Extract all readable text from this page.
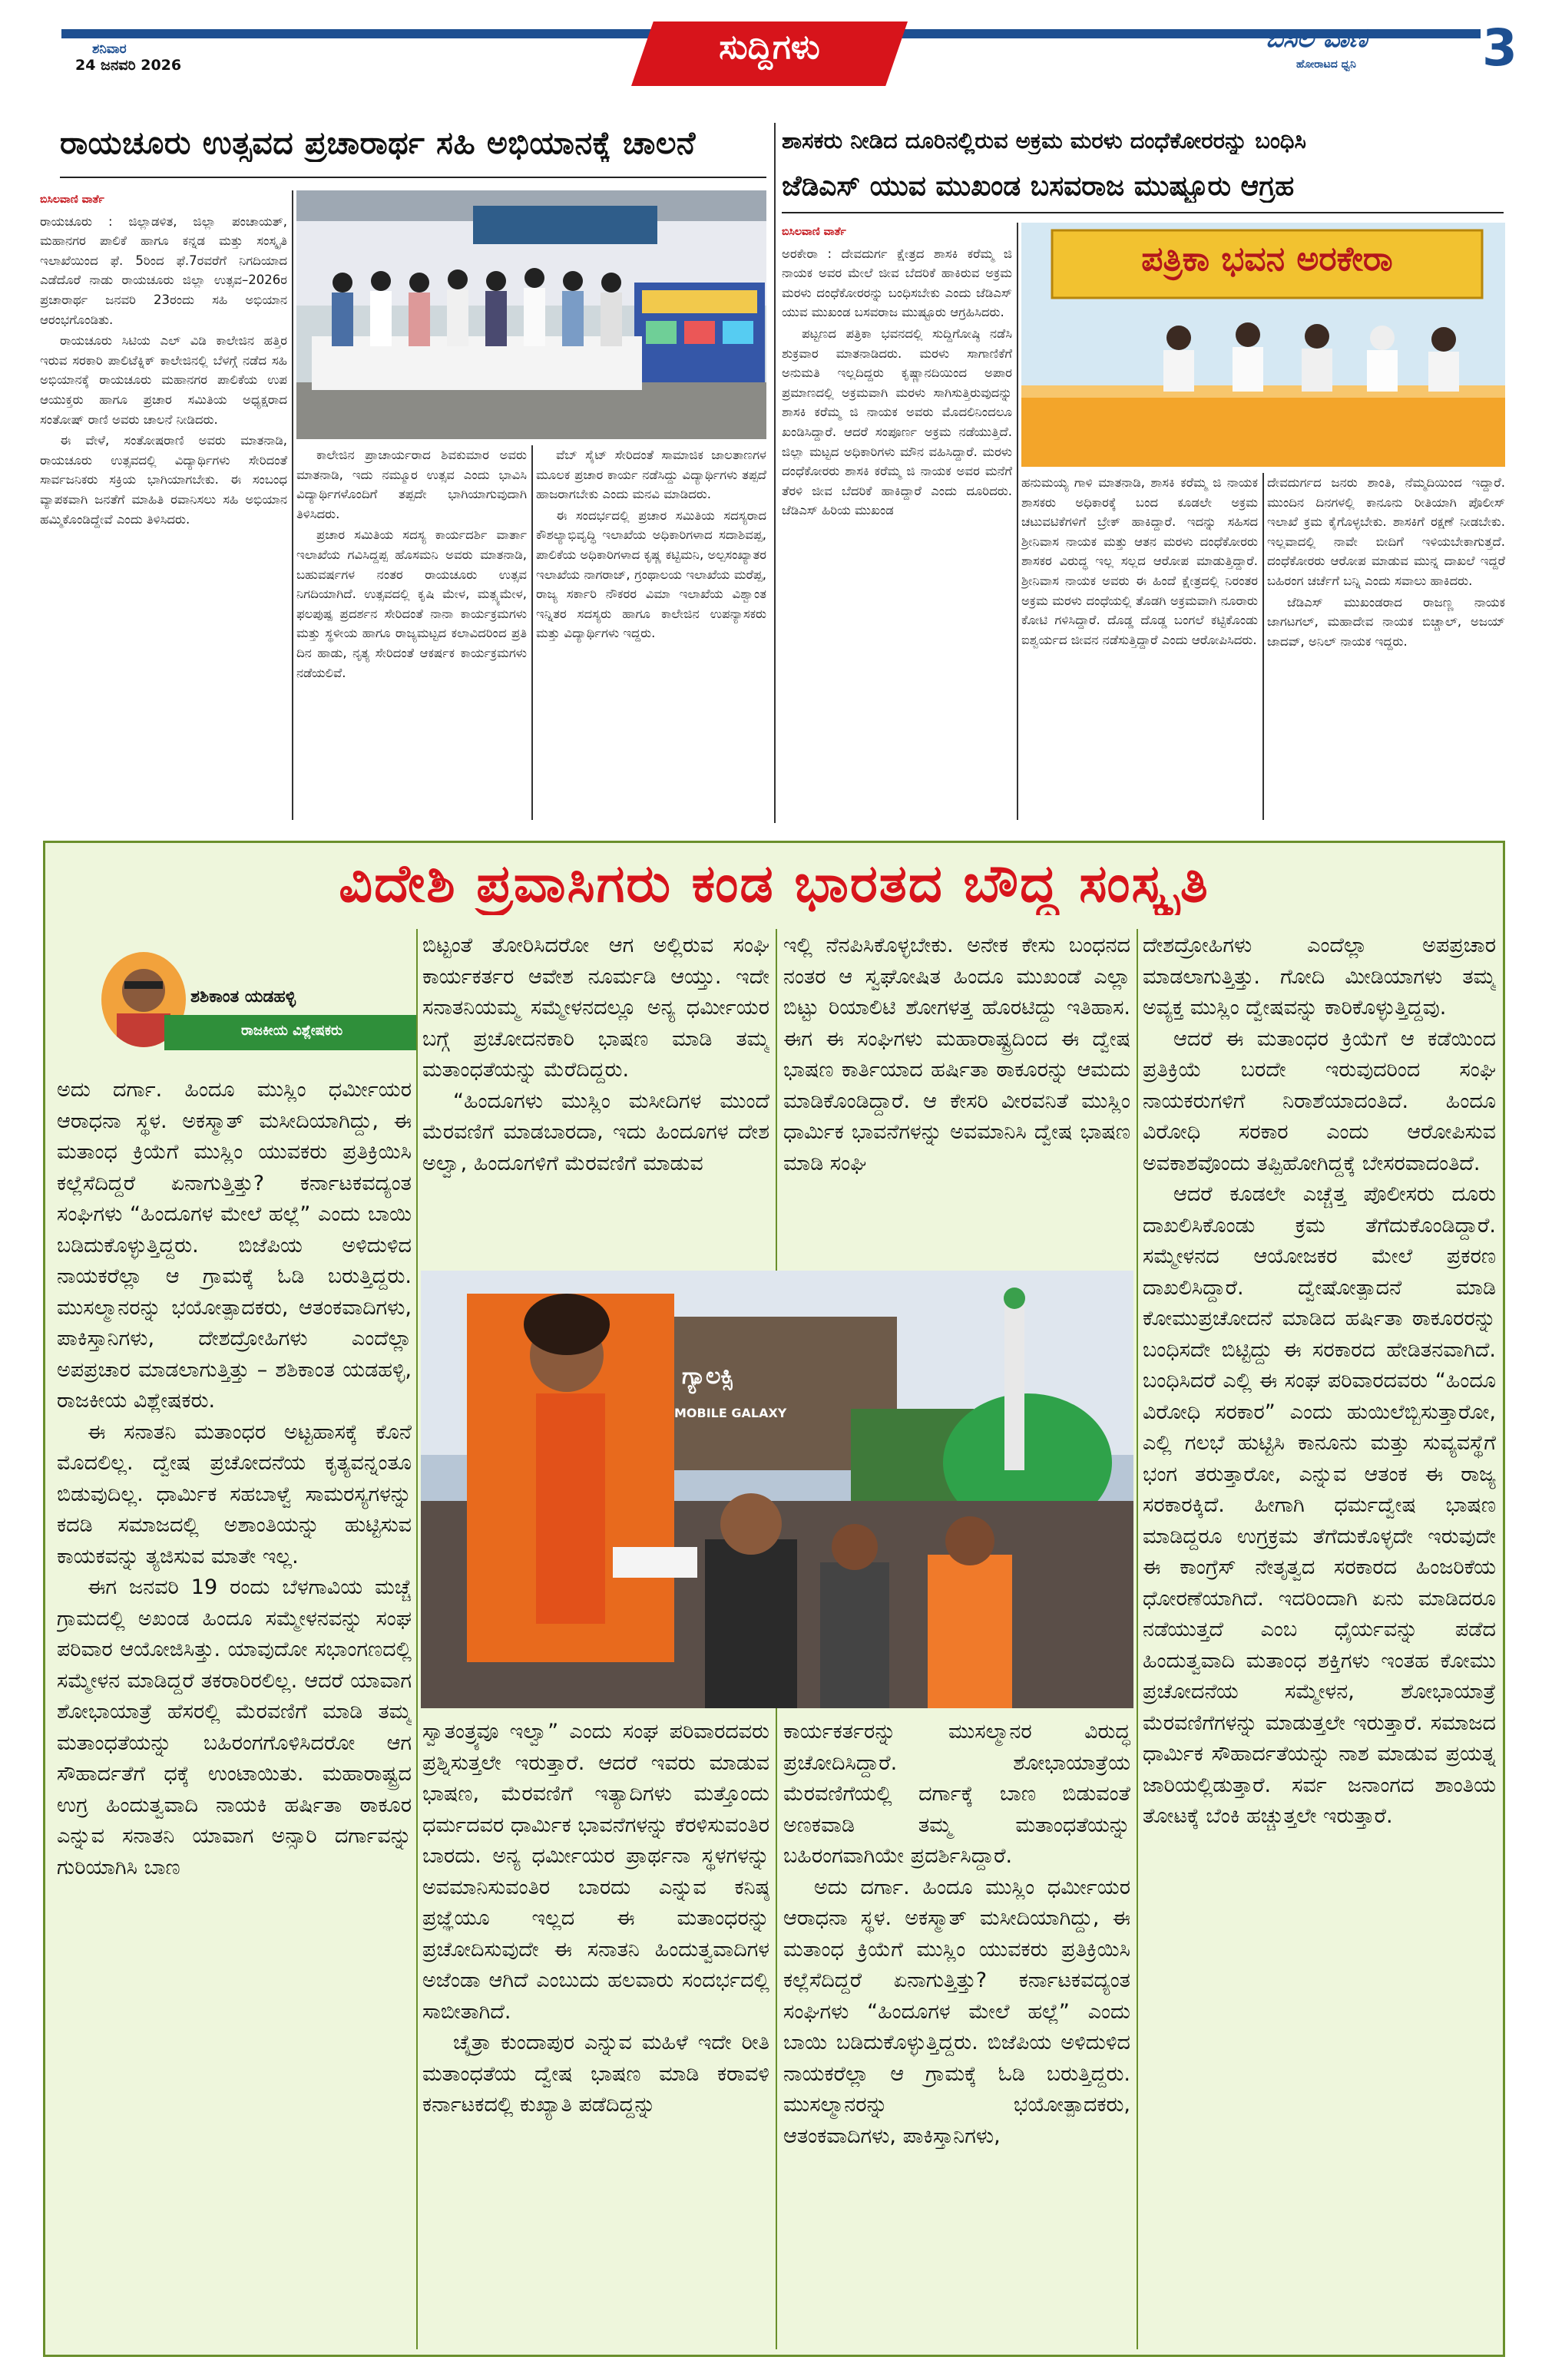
ಶನಿವಾರ
24 ಜನವರಿ 2026	ಸುದ್ದಿಗಳು	ಬಿಸಿಲ ವಾಣಿ
ಹೋರಾಟದ ಧ್ವನಿ 3
ರಾಯಚೂರು ಉತ್ಸವದ ಪ್ರಚಾರಾರ್ಥ ಸಹಿ ಅಭಿಯಾನಕ್ಕೆ ಚಾಲನೆ
ಬಿಸಿಲವಾಣಿ ವಾರ್ತೆ

ರಾಯಚೂರು : ಜಿಲ್ಲಾಡಳಿತ, ಜಿಲ್ಲಾ ಪಂಚಾಯತ್, ಮಹಾನಗರ ಪಾಲಿಕೆ ಹಾಗೂ ಕನ್ನಡ ಮತ್ತು ಸಂಸ್ಕೃತಿ ಇಲಾಖೆಯಿಂದ ಫೆ. 5ರಿಂದ ಫೆ.7ರವರೆಗೆ ನಿಗದಿಯಾದ ಎಡೆದೊರೆ ನಾಡು ರಾಯಚೂರು ಜಿಲ್ಲಾ ಉತ್ಸವ–2026ರ ಪ್ರಚಾರಾರ್ಥ ಜನವರಿ 23ರಂದು ಸಹಿ ಅಭಿಯಾನ ಆರಂಭಗೊಂಡಿತು.

ರಾಯಚೂರು ಸಿಟಿಯ ಎಲ್ ವಿಡಿ ಕಾಲೇಜಿನ ಹತ್ತಿರ ಇರುವ ಸರಕಾರಿ ಪಾಲಿಟೆಕ್ನಿಕ್ ಕಾಲೇಜಿನಲ್ಲಿ ಬೆಳಗ್ಗೆ ನಡೆದ ಸಹಿ ಅಭಿಯಾನಕ್ಕೆ ರಾಯಚೂರು ಮಹಾನಗರ ಪಾಲಿಕೆಯ ಉಪ ಆಯುಕ್ತರು ಹಾಗೂ ಪ್ರಚಾರ ಸಮಿತಿಯ ಅಧ್ಯಕ್ಷರಾದ ಸಂತೋಷ್ ರಾಣಿ ಅವರು ಚಾಲನೆ ನೀಡಿದರು.

ಈ ವೇಳೆ, ಸಂತೋಷರಾಣಿ ಅವರು ಮಾತನಾಡಿ, ರಾಯಚೂರು ಉತ್ಸವದಲ್ಲಿ ವಿದ್ಯಾರ್ಥಿಗಳು ಸೇರಿದಂತೆ ಸಾರ್ವಜನಿಕರು ಸಕ್ರಿಯ ಭಾಗಿಯಾಗಬೇಕು. ಈ ಸಂಬಂಧ ವ್ಯಾಪಕವಾಗಿ ಜನತೆಗೆ ಮಾಹಿತಿ ರವಾನಿಸಲು ಸಹಿ ಅಭಿಯಾನ ಹಮ್ಮಿಕೊಂಡಿದ್ದೇವೆ ಎಂದು ತಿಳಿಸಿದರು.

ಕಾಲೇಜಿನ ಪ್ರಾಚಾರ್ಯರಾದ ಶಿವಕುಮಾರ ಅವರು ಮಾತನಾಡಿ, ಇದು ನಮ್ಮೂರ ಉತ್ಸವ ಎಂದು ಭಾವಿಸಿ ವಿದ್ಯಾರ್ಥಿಗಳೊಂದಿಗೆ ತಪ್ಪದೇ ಭಾಗಿಯಾಗುವುದಾಗಿ ತಿಳಿಸಿದರು.

ಪ್ರಚಾರ ಸಮಿತಿಯ ಸದಸ್ಯ ಕಾರ್ಯದರ್ಶಿ ವಾರ್ತಾ ಇಲಾಖೆಯ ಗವಿಸಿದ್ದಪ್ಪ ಹೊಸಮನಿ ಅವರು ಮಾತನಾಡಿ, ಬಹುವರ್ಷಗಳ ನಂತರ ರಾಯಚೂರು ಉತ್ಸವ ನಿಗದಿಯಾಗಿದೆ. ಉತ್ಸವದಲ್ಲಿ ಕೃಷಿ ಮೇಳ, ಮತ್ಸ್ಯಮೇಳ, ಫಲಪುಷ್ಪ ಪ್ರದರ್ಶನ ಸೇರಿದಂತೆ ನಾನಾ ಕಾರ್ಯಕ್ರಮಗಳು ಮತ್ತು ಸ್ಥಳೀಯ ಹಾಗೂ ರಾಜ್ಯಮಟ್ಟದ ಕಲಾವಿದರಿಂದ ಪ್ರತಿ ದಿನ ಹಾಡು, ನೃತ್ಯ ಸೇರಿದಂತೆ ಆಕರ್ಷಕ ಕಾರ್ಯಕ್ರಮಗಳು ನಡೆಯಲಿವೆ.

ವೆಬ್ ಸೈಟ್ ಸೇರಿದಂತೆ ಸಾಮಾಜಿಕ ಜಾಲತಾಣಗಳ ಮೂಲಕ ಪ್ರಚಾರ ಕಾರ್ಯ ನಡೆಸಿದ್ದು ವಿದ್ಯಾರ್ಥಿಗಳು ತಪ್ಪದೆ ಹಾಜರಾಗಬೇಕು ಎಂದು ಮನವಿ ಮಾಡಿದರು.

ಈ ಸಂದರ್ಭದಲ್ಲಿ ಪ್ರಚಾರ ಸಮಿತಿಯ ಸದಸ್ಯರಾದ ಕೌಶಲ್ಯಾಭಿವೃದ್ಧಿ ಇಲಾಖೆಯ ಅಧಿಕಾರಿಗಳಾದ ಸದಾಶಿವಪ್ಪ, ಪಾಲಿಕೆಯ ಅಧಿಕಾರಿಗಳಾದ ಕೃಷ್ಣ ಕಟ್ಟಿಮನಿ, ಅಲ್ಪಸಂಖ್ಯಾತರ ಇಲಾಖೆಯ ನಾಗರಾಜ್, ಗ್ರಂಥಾಲಯ ಇಲಾಖೆಯ ಮರೆಪ್ಪ, ರಾಜ್ಯ ಸರ್ಕಾರಿ ನೌಕರರ ವಿಮಾ ಇಲಾಖೆಯ ವಿಶ್ವಾಂತ ಇನ್ನಿತರ ಸದಸ್ಯರು ಹಾಗೂ ಕಾಲೇಜಿನ ಉಪನ್ಯಾಸಕರು ಮತ್ತು ವಿದ್ಯಾರ್ಥಿಗಳು ಇದ್ದರು.

ಶಾಸಕರು ನೀಡಿದ ದೂರಿನಲ್ಲಿರುವ ಅಕ್ರಮ ಮರಳು ದಂಧೆಕೋರರನ್ನು ಬಂಧಿಸಿ
ಜೆಡಿಎಸ್ ಯುವ ಮುಖಂಡ ಬಸವರಾಜ ಮುಷ್ಟೂರು ಆಗ್ರಹ
ಬಿಸಿಲವಾಣಿ ವಾರ್ತೆ

ಅರಕೇರಾ : ದೇವದುರ್ಗ ಕ್ಷೇತ್ರದ ಶಾಸಕಿ ಕರೆಮ್ಮ ಜಿ ನಾಯಕ ಅವರ ಮೇಲೆ ಜೀವ ಬೆದರಿಕೆ ಹಾಕಿರುವ ಅಕ್ರಮ ಮರಳು ದಂಧೆಕೋರರನ್ನು ಬಂಧಿಸಬೇಕು ಎಂದು ಜೆಡಿಎಸ್ ಯುವ ಮುಖಂಡ ಬಸವರಾಜ ಮುಷ್ಟೂರು ಆಗ್ರಹಿಸಿದರು.

ಪಟ್ಟಣದ ಪತ್ರಿಕಾ ಭವನದಲ್ಲಿ ಸುದ್ದಿಗೋಷ್ಠಿ ನಡೆಸಿ ಶುಕ್ರವಾರ ಮಾತನಾಡಿದರು. ಮರಳು ಸಾಗಾಣಿಕೆಗೆ ಅನುಮತಿ ಇಲ್ಲದಿದ್ದರು ಕೃಷ್ಣಾನದಿಯಿಂದ ಅಪಾರ ಪ್ರಮಾಣದಲ್ಲಿ ಅಕ್ರಮವಾಗಿ ಮರಳು ಸಾಗಿಸುತ್ತಿರುವುದನ್ನು ಶಾಸಕಿ ಕರೆಮ್ಮ ಜಿ ನಾಯಕ ಅವರು ಮೊದಲಿನಿಂದಲೂ ಖಂಡಿಸಿದ್ದಾರೆ. ಆದರೆ ಸಂಪೂರ್ಣ ಅಕ್ರಮ ನಡೆಯುತ್ತಿದೆ. ಜಿಲ್ಲಾ ಮಟ್ಟದ ಅಧಿಕಾರಿಗಳು ಮೌನ ವಹಿಸಿದ್ದಾರೆ. ಮರಳು ದಂಧೆಕೋರರು ಶಾಸಕಿ ಕರೆಮ್ಮ ಜಿ ನಾಯಕ ಅವರ ಮನೆಗೆ ತೆರಳಿ ಜೀವ ಬೆದರಿಕೆ ಹಾಕಿದ್ದಾರೆ ಎಂದು ದೂರಿದರು. ಜೆಡಿಎಸ್ ಹಿರಿಯ ಮುಖಂಡ

ಪತ್ರಿಕಾ ಭವನ ಅರಕೇರಾ

ಹನುಮಯ್ಯ ಗಾಳಿ ಮಾತನಾಡಿ, ಶಾಸಕಿ ಕರೆಮ್ಮ ಜಿ ನಾಯಕ ಶಾಸಕರು ಅಧಿಕಾರಕ್ಕೆ ಬಂದ ಕೂಡಲೇ ಅಕ್ರಮ ಚಟುವಟಿಕೆಗಳಿಗೆ ಬ್ರೇಕ್ ಹಾಕಿದ್ದಾರೆ. ಇದನ್ನು ಸಹಿಸದ ಶ್ರೀನಿವಾಸ ನಾಯಕ ಮತ್ತು ಆತನ ಮರಳು ದಂಧೆಕೋರರು ಶಾಸಕರ ವಿರುದ್ಧ ಇಲ್ಲ ಸಲ್ಲದ ಆರೋಪ ಮಾಡುತ್ತಿದ್ದಾರೆ. ಶ್ರೀನಿವಾಸ ನಾಯಕ ಅವರು ಈ ಹಿಂದೆ ಕ್ಷೇತ್ರದಲ್ಲಿ ನಿರಂತರ ಅಕ್ರಮ ಮರಳು ದಂಧೆಯಲ್ಲಿ ತೊಡಗಿ ಅಕ್ರಮವಾಗಿ ನೂರಾರು ಕೋಟಿ ಗಳಿಸಿದ್ದಾರೆ. ದೊಡ್ಡ ದೊಡ್ಡ ಬಂಗಲೆ ಕಟ್ಟಿಕೊಂಡು ಐಶ್ವರ್ಯದ ಜೀವನ ನಡೆಸುತ್ತಿದ್ದಾರೆ ಎಂದು ಆರೋಪಿಸಿದರು.

ದೇವದುರ್ಗದ ಜನರು ಶಾಂತಿ, ನೆಮ್ಮದಿಯಿಂದ ಇದ್ದಾರೆ. ಮುಂದಿನ ದಿನಗಳಲ್ಲಿ ಕಾನೂನು ರೀತಿಯಾಗಿ ಪೊಲೀಸ್ ಇಲಾಖೆ ಕ್ರಮ ಕೈಗೊಳ್ಳಬೇಕು. ಶಾಸಕಿಗೆ ರಕ್ಷಣೆ ನೀಡಬೇಕು. ಇಲ್ಲವಾದಲ್ಲಿ ನಾವೇ ಬೀದಿಗೆ ಇಳಿಯಬೇಕಾಗುತ್ತದೆ. ದಂಧೆಕೋರರು ಆರೋಪ ಮಾಡುವ ಮುನ್ನ ದಾಖಲೆ ಇದ್ದರೆ ಬಹಿರಂಗ ಚರ್ಚೆಗೆ ಬನ್ನಿ ಎಂದು ಸವಾಲು ಹಾಕಿದರು.

ಜೆಡಿಎಸ್ ಮುಖಂಡರಾದ ರಾಜಣ್ಣ ನಾಯಕ ಜಾಗಟಗಲ್, ಮಹಾದೇವ ನಾಯಕ ಬಿಚ್ಚಾಲ್, ಅಜಯ್ ಜಾದವ್, ಅನಿಲ್ ನಾಯಕ ಇದ್ದರು.

ವಿದೇಶಿ ಪ್ರವಾಸಿಗರು ಕಂಡ ಭಾರತದ ಬೌದ್ಧ ಸಂಸ್ಕೃತಿ
ಶಶಿಕಾಂತ ಯಡಹಳ್ಳಿ
ರಾಜಕೀಯ ವಿಶ್ಲೇಷಕರು

ಅದು ದರ್ಗಾ. ಹಿಂದೂ ಮುಸ್ಲಿಂ ಧರ್ಮೀಯರ ಆರಾಧನಾ ಸ್ಥಳ. ಅಕಸ್ಮಾತ್ ಮಸೀದಿಯಾಗಿದ್ದು, ಈ ಮತಾಂಧ ಕ್ರಿಯೆಗೆ ಮುಸ್ಲಿಂ ಯುವಕರು ಪ್ರತಿಕ್ರಿಯಿಸಿ ಕಲ್ಲೆಸೆದಿದ್ದರೆ ಏನಾಗುತ್ತಿತ್ತು? ಕರ್ನಾಟಕವದ್ಯಂತ ಸಂಘಿಗಳು “ಹಿಂದೂಗಳ ಮೇಲೆ ಹಲ್ಲೆ” ಎಂದು ಬಾಯಿ ಬಡಿದುಕೊಳ್ಳುತ್ತಿದ್ದರು. ಬಿಜೆಪಿಯ ಅಳಿದುಳಿದ ನಾಯಕರೆಲ್ಲಾ ಆ ಗ್ರಾಮಕ್ಕೆ ಓಡಿ ಬರುತ್ತಿದ್ದರು. ಮುಸಲ್ಮಾನರನ್ನು ಭಯೋತ್ಪಾದಕರು, ಆತಂಕವಾದಿಗಳು, ಪಾಕಿಸ್ತಾನಿಗಳು, ದೇಶದ್ರೋಹಿಗಳು ಎಂದೆಲ್ಲಾ ಅಪಪ್ರಚಾರ ಮಾಡಲಾಗುತ್ತಿತ್ತು – ಶಶಿಕಾಂತ ಯಡಹಳ್ಳಿ, ರಾಜಕೀಯ ವಿಶ್ಲೇಷಕರು.

ಈ ಸನಾತನಿ ಮತಾಂಧರ ಅಟ್ಟಹಾಸಕ್ಕೆ ಕೊನೆ ಮೊದಲಿಲ್ಲ. ದ್ವೇಷ ಪ್ರಚೋದನೆಯ ಕೃತ್ಯವನ್ನಂತೂ ಬಿಡುವುದಿಲ್ಲ. ಧಾರ್ಮಿಕ ಸಹಬಾಳ್ವೆ ಸಾಮರಸ್ಯಗಳನ್ನು ಕದಡಿ ಸಮಾಜದಲ್ಲಿ ಅಶಾಂತಿಯನ್ನು ಹುಟ್ಟಿಸುವ ಕಾಯಕವನ್ನು ತ್ಯಜಿಸುವ ಮಾತೇ ಇಲ್ಲ.

ಈಗ ಜನವರಿ 19 ರಂದು ಬೆಳಗಾವಿಯ ಮಚ್ಚೆ ಗ್ರಾಮದಲ್ಲಿ ಅಖಂಡ ಹಿಂದೂ ಸಮ್ಮೇಳನವನ್ನು ಸಂಘ ಪರಿವಾರ ಆಯೋಜಿಸಿತ್ತು. ಯಾವುದೋ ಸಭಾಂಗಣದಲ್ಲಿ ಸಮ್ಮೇಳನ ಮಾಡಿದ್ದರೆ ತಕರಾರಿರಲಿಲ್ಲ. ಆದರೆ ಯಾವಾಗ ಶೋಭಾಯಾತ್ರೆ ಹೆಸರಲ್ಲಿ ಮೆರವಣಿಗೆ ಮಾಡಿ ತಮ್ಮ ಮತಾಂಧತೆಯನ್ನು ಬಹಿರಂಗಗೊಳಿಸಿದರೋ ಆಗ ಸೌಹಾರ್ದತೆಗೆ ಧಕ್ಕೆ ಉಂಟಾಯಿತು. ಮಹಾರಾಷ್ಟ್ರದ ಉಗ್ರ ಹಿಂದುತ್ವವಾದಿ ನಾಯಕಿ ಹರ್ಷಿತಾ ಠಾಕೂರ ಎನ್ನುವ ಸನಾತನಿ ಯಾವಾಗ ಅನ್ಸಾರಿ ದರ್ಗಾವನ್ನು ಗುರಿಯಾಗಿಸಿ ಬಾಣ

ಬಿಟ್ಟಂತೆ ತೋರಿಸಿದರೋ ಆಗ ಅಲ್ಲಿರುವ ಸಂಘಿ ಕಾರ್ಯಕರ್ತರ ಆವೇಶ ನೂರ್ಮಡಿ ಆಯ್ತು. ಇದೇ ಸನಾತನಿಯಮ್ಮ ಸಮ್ಮೇಳನದಲ್ಲೂ ಅನ್ಯ ಧರ್ಮೀಯರ ಬಗ್ಗೆ ಪ್ರಚೋದನಕಾರಿ ಭಾಷಣ ಮಾಡಿ ತಮ್ಮ ಮತಾಂಧತೆಯನ್ನು ಮೆರೆದಿದ್ದರು.

“ಹಿಂದೂಗಳು ಮುಸ್ಲಿಂ ಮಸೀದಿಗಳ ಮುಂದೆ ಮೆರವಣಿಗೆ ಮಾಡಬಾರದಾ, ಇದು ಹಿಂದೂಗಳ ದೇಶ ಅಲ್ವಾ, ಹಿಂದೂಗಳಿಗೆ ಮೆರವಣಿಗೆ ಮಾಡುವ

ಇಲ್ಲಿ ನೆನಪಿಸಿಕೊಳ್ಳಬೇಕು. ಅನೇಕ ಕೇಸು ಬಂಧನದ ನಂತರ ಆ ಸ್ವಘೋಷಿತ ಹಿಂದೂ ಮುಖಂಡೆ ಎಲ್ಲಾ ಬಿಟ್ಟು ರಿಯಾಲಿಟಿ ಶೋಗಳತ್ತ ಹೊರಟಿದ್ದು ಇತಿಹಾಸ. ಈಗ ಈ ಸಂಘಿಗಳು ಮಹಾರಾಷ್ಟ್ರದಿಂದ ಈ ದ್ವೇಷ ಭಾಷಣ ಕಾರ್ತಿಯಾದ ಹರ್ಷಿತಾ ಠಾಕೂರನ್ನು ಆಮದು ಮಾಡಿಕೊಂಡಿದ್ದಾರೆ. ಆ ಕೇಸರಿ ವೀರವನಿತೆ ಮುಸ್ಲಿಂ ಧಾರ್ಮಿಕ ಭಾವನೆಗಳನ್ನು ಅವಮಾನಿಸಿ ದ್ವೇಷ ಭಾಷಣ ಮಾಡಿ ಸಂಘಿ

ದೇಶದ್ರೋಹಿಗಳು ಎಂದೆಲ್ಲಾ ಅಪಪ್ರಚಾರ ಮಾಡಲಾಗುತ್ತಿತ್ತು. ಗೋದಿ ಮೀಡಿಯಾಗಳು ತಮ್ಮ ಅವ್ಯಕ್ತ ಮುಸ್ಲಿಂ ದ್ವೇಷವನ್ನು ಕಾರಿಕೊಳ್ಳುತ್ತಿದ್ದವು.

ಆದರೆ ಈ ಮತಾಂಧರ ಕ್ರಿಯೆಗೆ ಆ ಕಡೆಯಿಂದ ಪ್ರತಿಕ್ರಿಯೆ ಬರದೇ ಇರುವುದರಿಂದ ಸಂಘಿ ನಾಯಕರುಗಳಿಗೆ ನಿರಾಶೆಯಾದಂತಿದೆ. ಹಿಂದೂ ವಿರೋಧಿ ಸರಕಾರ ಎಂದು ಆರೋಪಿಸುವ ಅವಕಾಶವೊಂದು ತಪ್ಪಿಹೋಗಿದ್ದಕ್ಕೆ ಬೇಸರವಾದಂತಿದೆ.

ಆದರೆ ಕೂಡಲೇ ಎಚ್ಚೆತ್ತ ಪೊಲೀಸರು ದೂರು ದಾಖಲಿಸಿಕೊಂಡು ಕ್ರಮ ತೆಗೆದುಕೊಂಡಿದ್ದಾರೆ. ಸಮ್ಮೇಳನದ ಆಯೋಜಕರ ಮೇಲೆ ಪ್ರಕರಣ ದಾಖಲಿಸಿದ್ದಾರೆ. ದ್ವೇಷೋತ್ಪಾದನೆ ಮಾಡಿ ಕೋಮುಪ್ರಚೋದನೆ ಮಾಡಿದ ಹರ್ಷಿತಾ ಠಾಕೂರರನ್ನು ಬಂಧಿಸದೇ ಬಿಟ್ಟಿದ್ದು ಈ ಸರಕಾರದ ಹೇಡಿತನವಾಗಿದೆ. ಬಂಧಿಸಿದರೆ ಎಲ್ಲಿ ಈ ಸಂಘ ಪರಿವಾರದವರು “ಹಿಂದೂ ವಿರೋಧಿ ಸರಕಾರ” ಎಂದು ಹುಯಿಲೆಬ್ಬಿಸುತ್ತಾರೋ, ಎಲ್ಲಿ ಗಲಭೆ ಹುಟ್ಟಿಸಿ ಕಾನೂನು ಮತ್ತು ಸುವ್ಯವಸ್ಥೆಗೆ ಭಂಗ ತರುತ್ತಾರೋ, ಎನ್ನುವ ಆತಂಕ ಈ ರಾಜ್ಯ ಸರಕಾರಕ್ಕಿದೆ. ಹೀಗಾಗಿ ಧರ್ಮದ್ವೇಷ ಭಾಷಣ ಮಾಡಿದ್ದರೂ ಉಗ್ರಕ್ರಮ ತೆಗೆದುಕೊಳ್ಳದೇ ಇರುವುದೇ ಈ ಕಾಂಗ್ರೆಸ್ ನೇತೃತ್ವದ ಸರಕಾರದ ಹಿಂಜರಿಕೆಯ ಧೋರಣೆಯಾಗಿದೆ. ಇದರಿಂದಾಗಿ ಏನು ಮಾಡಿದರೂ ನಡೆಯುತ್ತದೆ ಎಂಬ ಧೈರ್ಯವನ್ನು ಪಡೆದ ಹಿಂದುತ್ವವಾದಿ ಮತಾಂಧ ಶಕ್ತಿಗಳು ಇಂತಹ ಕೋಮು ಪ್ರಚೋದನೆಯ ಸಮ್ಮೇಳನ, ಶೋಭಾಯಾತ್ರೆ ಮೆರವಣಿಗೆಗಳನ್ನು ಮಾಡುತ್ತಲೇ ಇರುತ್ತಾರೆ. ಸಮಾಜದ ಧಾರ್ಮಿಕ ಸೌಹಾರ್ದತೆಯನ್ನು ನಾಶ ಮಾಡುವ ಪ್ರಯತ್ನ ಜಾರಿಯಲ್ಲಿಡುತ್ತಾರೆ. ಸರ್ವ ಜನಾಂಗದ ಶಾಂತಿಯ ತೋಟಕ್ಕೆ ಬೆಂಕಿ ಹಚ್ಚುತ್ತಲೇ ಇರುತ್ತಾರೆ.

ಗ್ಯಾಲಕ್ಸಿ
MOBILE GALAXY

ಸ್ವಾತಂತ್ರ್ಯವೂ ಇಲ್ವಾ” ಎಂದು ಸಂಘ ಪರಿವಾರದವರು ಪ್ರಶ್ನಿಸುತ್ತಲೇ ಇರುತ್ತಾರೆ. ಆದರೆ ಇವರು ಮಾಡುವ ಭಾಷಣ, ಮೆರವಣಿಗೆ ಇತ್ಯಾದಿಗಳು ಮತ್ತೊಂದು ಧರ್ಮದವರ ಧಾರ್ಮಿಕ ಭಾವನೆಗಳನ್ನು ಕೆರಳಿಸುವಂತಿರ ಬಾರದು. ಅನ್ಯ ಧರ್ಮೀಯರ ಪ್ರಾರ್ಥನಾ ಸ್ಥಳಗಳನ್ನು ಅವಮಾನಿಸುವಂತಿರ ಬಾರದು ಎನ್ನುವ ಕನಿಷ್ಠ ಪ್ರಜ್ಞೆಯೂ ಇಲ್ಲದ ಈ ಮತಾಂಧರನ್ನು ಪ್ರಚೋದಿಸುವುದೇ ಈ ಸನಾತನಿ ಹಿಂದುತ್ವವಾದಿಗಳ ಅಜೆಂಡಾ ಆಗಿದೆ ಎಂಬುದು ಹಲವಾರು ಸಂದರ್ಭದಲ್ಲಿ ಸಾಬೀತಾಗಿದೆ.

ಚೈತ್ರಾ ಕುಂದಾಪುರ ಎನ್ನುವ ಮಹಿಳೆ ಇದೇ ರೀತಿ ಮತಾಂಧತೆಯ ದ್ವೇಷ ಭಾಷಣ ಮಾಡಿ ಕರಾವಳಿ ಕರ್ನಾಟಕದಲ್ಲಿ ಕುಖ್ಯಾತಿ ಪಡೆದಿದ್ದನ್ನು

ಕಾರ್ಯಕರ್ತರನ್ನು ಮುಸಲ್ಮಾನರ ವಿರುದ್ಧ ಪ್ರಚೋದಿಸಿದ್ದಾರೆ. ಶೋಭಾಯಾತ್ರೆಯ ಮೆರವಣಿಗೆಯಲ್ಲಿ ದರ್ಗಾಕ್ಕೆ ಬಾಣ ಬಿಡುವಂತೆ ಅಣಕವಾಡಿ ತಮ್ಮ ಮತಾಂಧತೆಯನ್ನು ಬಹಿರಂಗವಾಗಿಯೇ ಪ್ರದರ್ಶಿಸಿದ್ದಾರೆ.

ಅದು ದರ್ಗಾ. ಹಿಂದೂ ಮುಸ್ಲಿಂ ಧರ್ಮೀಯರ ಆರಾಧನಾ ಸ್ಥಳ. ಅಕಸ್ಮಾತ್ ಮಸೀದಿಯಾಗಿದ್ದು, ಈ ಮತಾಂಧ ಕ್ರಿಯೆಗೆ ಮುಸ್ಲಿಂ ಯುವಕರು ಪ್ರತಿಕ್ರಿಯಿಸಿ ಕಲ್ಲೆಸೆದಿದ್ದರೆ ಏನಾಗುತ್ತಿತ್ತು? ಕರ್ನಾಟಕವದ್ಯಂತ ಸಂಘಿಗಳು “ಹಿಂದೂಗಳ ಮೇಲೆ ಹಲ್ಲೆ” ಎಂದು ಬಾಯಿ ಬಡಿದುಕೊಳ್ಳುತ್ತಿದ್ದರು. ಬಿಜೆಪಿಯ ಅಳಿದುಳಿದ ನಾಯಕರೆಲ್ಲಾ ಆ ಗ್ರಾಮಕ್ಕೆ ಓಡಿ ಬರುತ್ತಿದ್ದರು. ಮುಸಲ್ಮಾನರನ್ನು ಭಯೋತ್ಪಾದಕರು, ಆತಂಕವಾದಿಗಳು, ಪಾಕಿಸ್ತಾನಿಗಳು,
